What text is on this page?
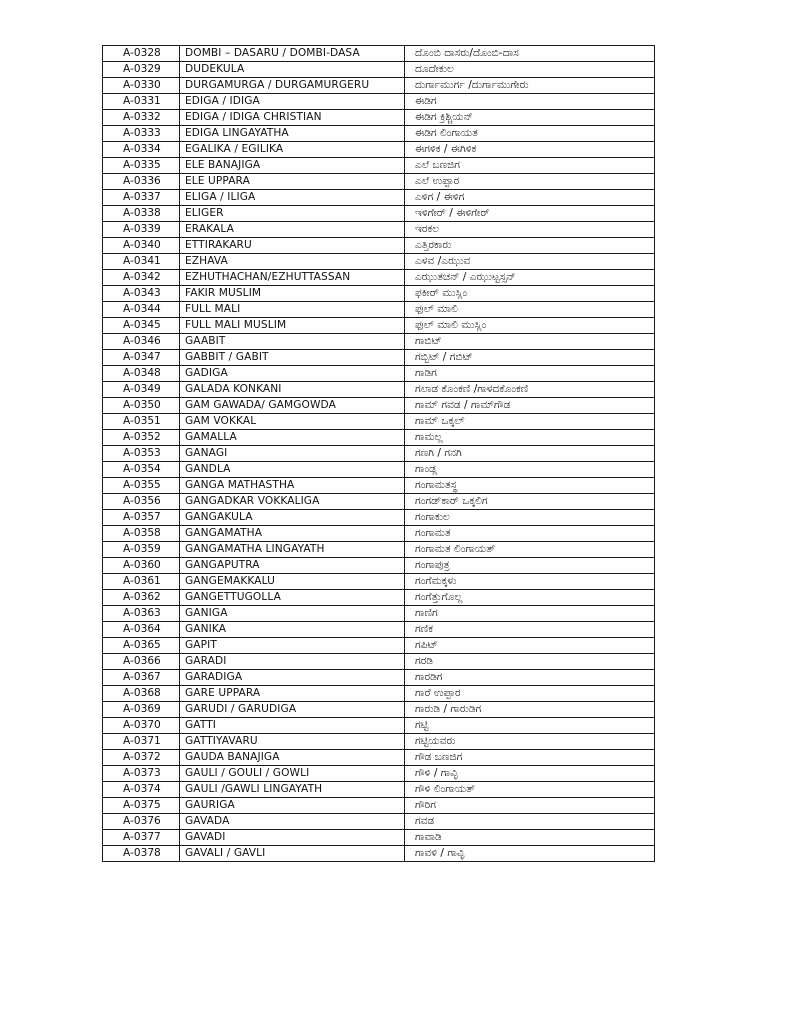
A-0328	DOMBI – DASARU / DOMBI-DASA	ದೊಂಬಿ ದಾಸರು/ದೊಂಬಿ-ದಾಸ
A-0329	DUDEKULA	ದೂದೇಕುಲ
A-0330	DURGAMURGA / DURGAMURGERU	ದುರ್ಗಾಮುರ್ಗ /ದುರ್ಗಾಮುಗೇರು
A-0331	EDIGA / IDIGA	ಈಡಿಗ
A-0332	EDIGA / IDIGA CHRISTIAN	ಈಡಿಗ ಕ್ರಿಶ್ಚಿಯನ್
A-0333	EDIGA LINGAYATHA	ಈಡಿಗ ಲಿಂಗಾಯತ
A-0334	EGALIKA / EGILIKA	ಈಗಳಿಕ / ಈಗಿಳಿಕ
A-0335	ELE BANAJIGA	ಎಲೆ ಬಣಜಿಗ
A-0336	ELE UPPARA	ಎಲೆ ಉಪ್ಪಾರ
A-0337	ELIGA / ILIGA	ಎಳಿಗ / ಈಳಿಗ
A-0338	ELIGER	ಇಳಿಗೇರ್ / ಈಳಿಗೇರ್
A-0339	ERAKALA	ಇರಕಲ
A-0340	ETTIRAKARU	ಎತ್ತಿರಕಾರು
A-0341	EZHAVA	ಎಳವ /ಎಝುವ
A-0342	EZHUTHACHAN/EZHUTTASSAN	ಎಝುತಚನ್ / ಎಝುಟ್ಟಸ್ಸನ್
A-0343	FAKIR MUSLIM	ಫಕೀರ್ ಮುಸ್ಲಿಂ
A-0344	FULL MALI	ಫುಲ್ ಮಾಲಿ
A-0345	FULL MALI MUSLIM	ಫುಲ್ ಮಾಲಿ ಮುಸ್ಲಿಂ
A-0346	GAABIT	ಗಾಬಿಟ್
A-0347	GABBIT / GABIT	ಗಬ್ಬಿಟ್ / ಗಬಿಟ್
A-0348	GADIGA	ಗಾಡಿಗ
A-0349	GALADA KONKANI	ಗಲಾಡ ಕೊಂಕಣಿ /ಗಾಳದಕೊಂಕಣಿ
A-0350	GAM GAWADA/ GAMGOWDA	ಗಾಮ್ ಗವಡ / ಗಾಮ್‌ಗೌಡ
A-0351	GAM VOKKAL	ಗಾಮ್ ಒಕ್ಕಲ್
A-0352	GAMALLA	ಗಾಮಲ್ಲ
A-0353	GANAGI	ಗಣಗಿ / ಗನಗಿ
A-0354	GANDLA	ಗಾಂಡ್ಲ
A-0355	GANGA MATHASTHA	ಗಂಗಾಮತಸ್ಥ
A-0356	GANGADKAR VOKKALIGA	ಗಂಗಡ್‌ಕಾರ್ ಒಕ್ಕಲಿಗ
A-0357	GANGAKULA	ಗಂಗಾಕುಲ
A-0358	GANGAMATHA	ಗಂಗಾಮತ
A-0359	GANGAMATHA LINGAYATH	ಗಂಗಾಮತ ಲಿಂಗಾಯತ್
A-0360	GANGAPUTRA	ಗಂಗಾಪುತ್ರ
A-0361	GANGEMAKKALU	ಗಂಗೆಮಕ್ಕಳು
A-0362	GANGETTUGOLLA	ಗಂಗೆತ್ತುಗೊಲ್ಲ
A-0363	GANIGA	ಗಾಣಿಗ
A-0364	GANIKA	ಗಣಿಕ
A-0365	GAPIT	ಗಪಿಟ್
A-0366	GARADI	ಗರಡಿ
A-0367	GARADIGA	ಗಾರಡಿಗ
A-0368	GARE UPPARA	ಗಾರೆ ಉಪ್ಪಾರ
A-0369	GARUDI / GARUDIGA	ಗಾರುಡಿ / ಗಾರುಡಿಗ
A-0370	GATTI	ಗಟ್ಟಿ
A-0371	GATTIYAVARU	ಗಟ್ಟಿಯವರು
A-0372	GAUDA BANAJIGA	ಗೌಡ ಬಣಜಿಗ
A-0373	GAULI / GOULI / GOWLI	ಗೌಳಿ / ಗಾವ್ಳಿ
A-0374	GAULI /GAWLI LINGAYATH	ಗೌಳಿ ಲಿಂಗಾಯತ್
A-0375	GAURIGA	ಗೌರಿಗ
A-0376	GAVADA	ಗವಡ
A-0377	GAVADI	ಗಾವಾಡಿ
A-0378	GAVALI / GAVLI	ಗಾವಳಿ / ಗಾವ್ಳಿ
